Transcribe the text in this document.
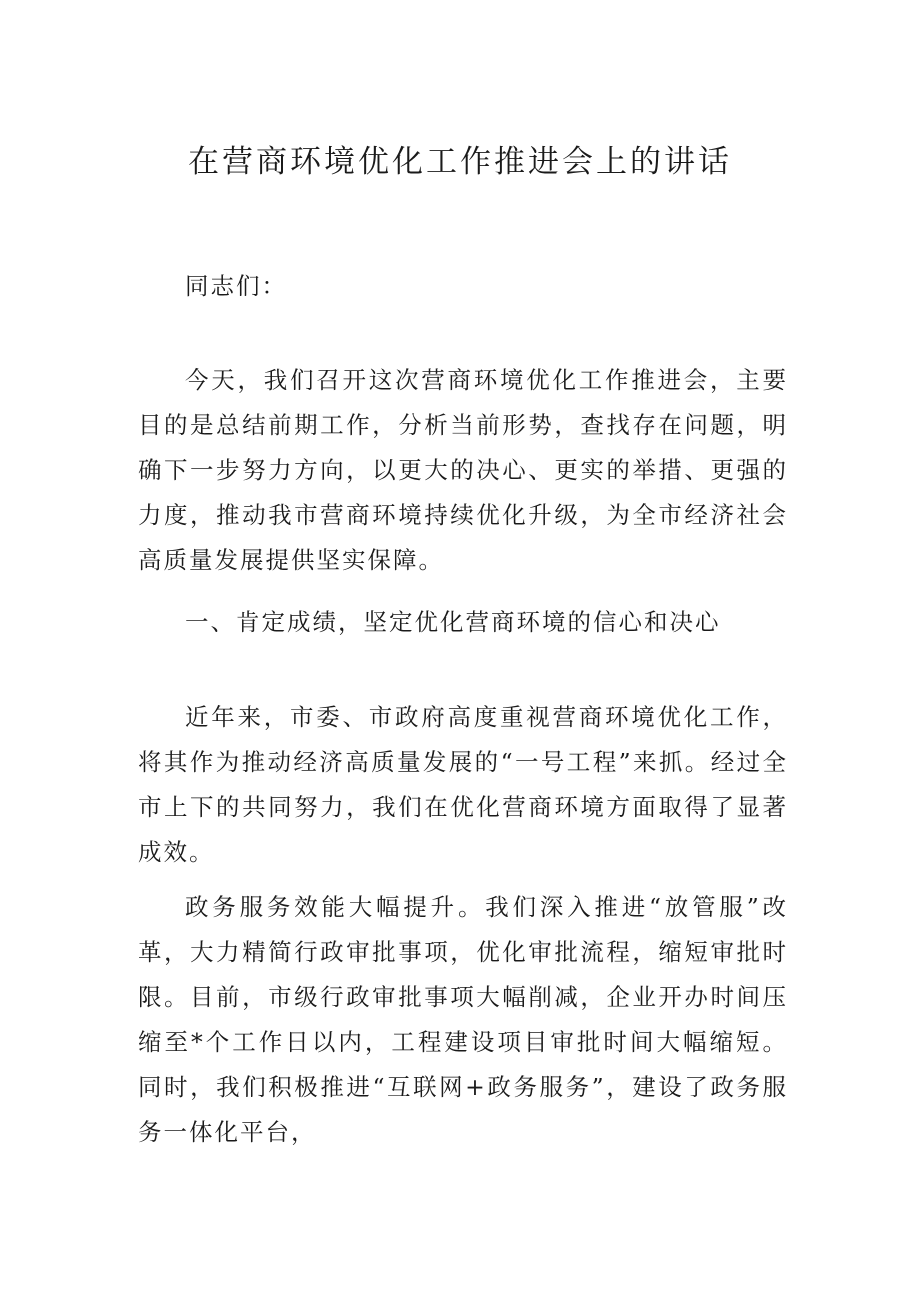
在营商环境优化工作推进会上的讲话

同志们：

今天，我们召开这次营商环境优化工作推进会，主要目的是总结前期工作，分析当前形势，查找存在问题，明确下一步努力方向，以更大的决心、更实的举措、更强的力度，推动我市营商环境持续优化升级，为全市经济社会高质量发展提供坚实保障。

一、肯定成绩，坚定优化营商环境的信心和决心

近年来，市委、市政府高度重视营商环境优化工作，将其作为推动经济高质量发展的“一号工程”来抓。经过全市上下的共同努力，我们在优化营商环境方面取得了显著成效。

政务服务效能大幅提升。我们深入推进“放管服”改革，大力精简行政审批事项，优化审批流程，缩短审批时限。目前，市级行政审批事项大幅削减，企业开办时间压缩至*个工作日以内，工程建设项目审批时间大幅缩短。同时，我们积极推进“互联网+政务服务”，建设了政务服务一体化平台，
